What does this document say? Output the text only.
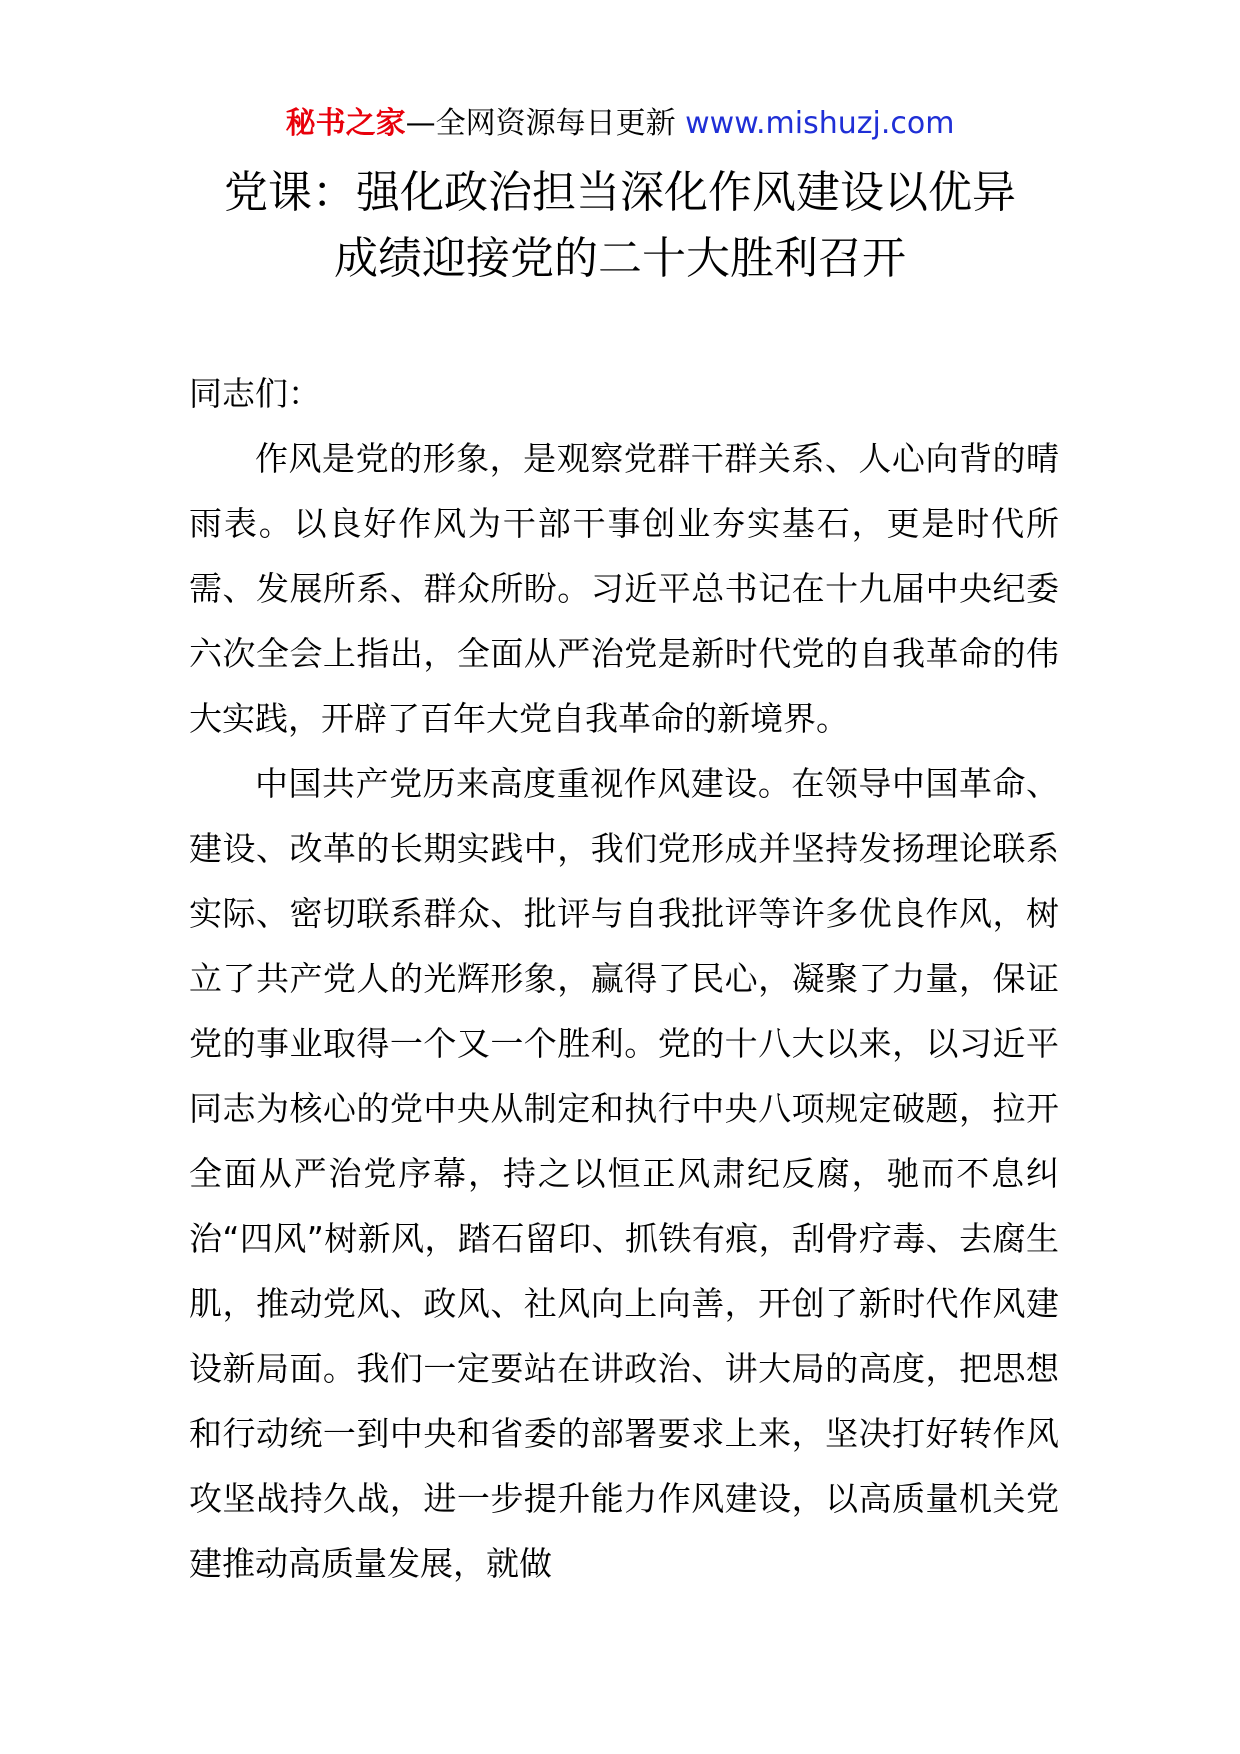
秘书之家—全网资源每日更新 www.mishuzj.com
党课：强化政治担当深化作风建设以优异
成绩迎接党的二十大胜利召开

同志们：

作风是党的形象，是观察党群干群关系、人心向背的晴雨表。以良好作风为干部干事创业夯实基石，更是时代所需、发展所系、群众所盼。习近平总书记在十九届中央纪委六次全会上指出，全面从严治党是新时代党的自我革命的伟大实践，开辟了百年大党自我革命的新境界。

中国共产党历来高度重视作风建设。在领导中国革命、建设、改革的长期实践中，我们党形成并坚持发扬理论联系实际、密切联系群众、批评与自我批评等许多优良作风，树立了共产党人的光辉形象，赢得了民心，凝聚了力量，保证党的事业取得一个又一个胜利。党的十八大以来，以习近平同志为核心的党中央从制定和执行中央八项规定破题，拉开全面从严治党序幕，持之以恒正风肃纪反腐，驰而不息纠治“四风”树新风，踏石留印、抓铁有痕，刮骨疗毒、去腐生肌，推动党风、政风、社风向上向善，开创了新时代作风建设新局面。我们一定要站在讲政治、讲大局的高度，把思想和行动统一到中央和省委的部署要求上来，坚决打好转作风攻坚战持久战，进一步提升能力作风建设，以高质量机关党建推动高质量发展，就做
